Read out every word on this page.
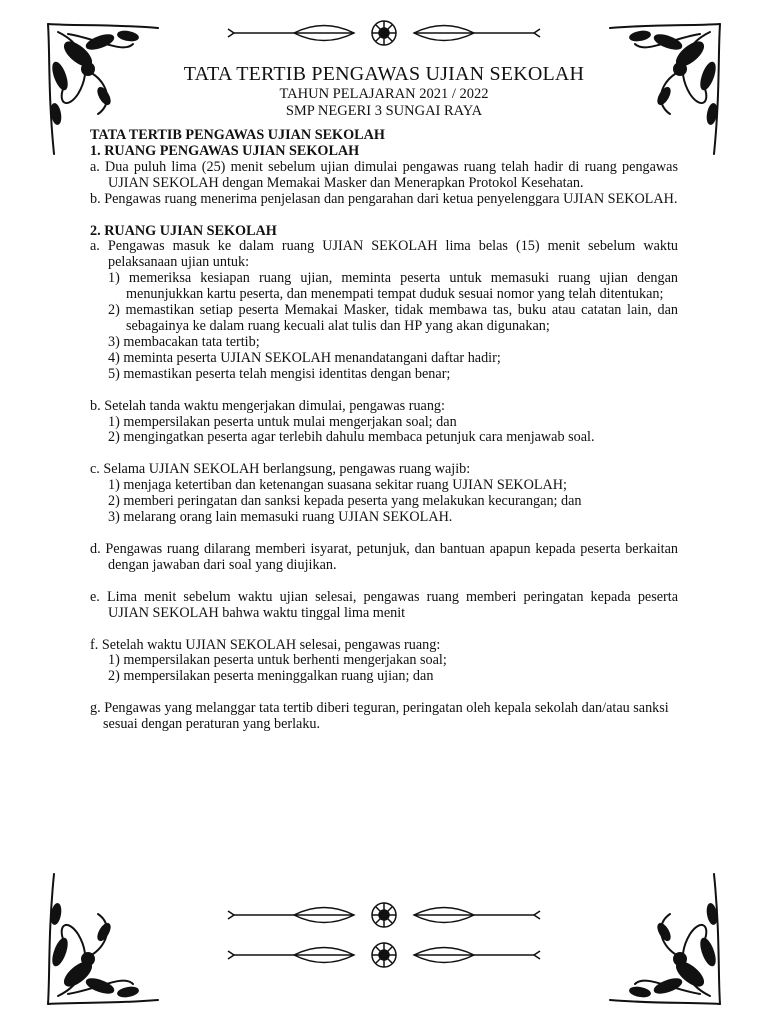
TATA TERTIB PENGAWAS UJIAN SEKOLAH
TAHUN PELAJARAN 2021 / 2022
SMP NEGERI 3 SUNGAI RAYA

TATA TERTIB PENGAWAS UJIAN SEKOLAH

1. RUANG PENGAWAS UJIAN SEKOLAH

a. Dua puluh lima (25) menit sebelum ujian dimulai pengawas ruang telah hadir di ruang pengawas UJIAN SEKOLAH dengan Memakai Masker dan Menerapkan Protokol Kesehatan.

b. Pengawas ruang menerima penjelasan dan pengarahan dari ketua penyelenggara UJIAN SEKOLAH.

2. RUANG UJIAN SEKOLAH

a. Pengawas masuk ke dalam ruang UJIAN SEKOLAH lima belas (15) menit sebelum waktu pelaksanaan ujian untuk:

1) memeriksa kesiapan ruang ujian, meminta peserta untuk memasuki ruang ujian dengan menunjukkan kartu peserta, dan menempati tempat duduk sesuai nomor yang telah ditentukan;

2) memastikan setiap peserta Memakai Masker, tidak membawa tas, buku atau catatan lain, dan sebagainya ke dalam ruang kecuali alat tulis dan HP yang akan digunakan;

3) membacakan tata tertib;

4) meminta peserta UJIAN SEKOLAH menandatangani daftar hadir;

5) memastikan peserta telah mengisi identitas dengan benar;

b. Setelah tanda waktu mengerjakan dimulai, pengawas ruang:

1) mempersilakan peserta untuk mulai mengerjakan soal; dan

2) mengingatkan peserta agar terlebih dahulu membaca petunjuk cara menjawab soal.

c. Selama UJIAN SEKOLAH berlangsung, pengawas ruang wajib:

1) menjaga ketertiban dan ketenangan suasana sekitar ruang UJIAN SEKOLAH;

2) memberi peringatan dan sanksi kepada peserta yang melakukan kecurangan; dan

3) melarang orang lain memasuki ruang UJIAN SEKOLAH.

d. Pengawas ruang dilarang memberi isyarat, petunjuk, dan bantuan apapun kepada peserta berkaitan dengan jawaban dari soal yang diujikan.

e. Lima menit sebelum waktu ujian selesai, pengawas ruang memberi peringatan kepada peserta UJIAN SEKOLAH bahwa waktu tinggal lima menit

f. Setelah waktu UJIAN SEKOLAH selesai, pengawas ruang:

1) mempersilakan peserta untuk berhenti mengerjakan soal;

2) mempersilakan peserta meninggalkan ruang ujian; dan

g. Pengawas yang melanggar tata tertib diberi teguran, peringatan oleh kepala sekolah dan/atau sanksi sesuai dengan peraturan yang berlaku.
